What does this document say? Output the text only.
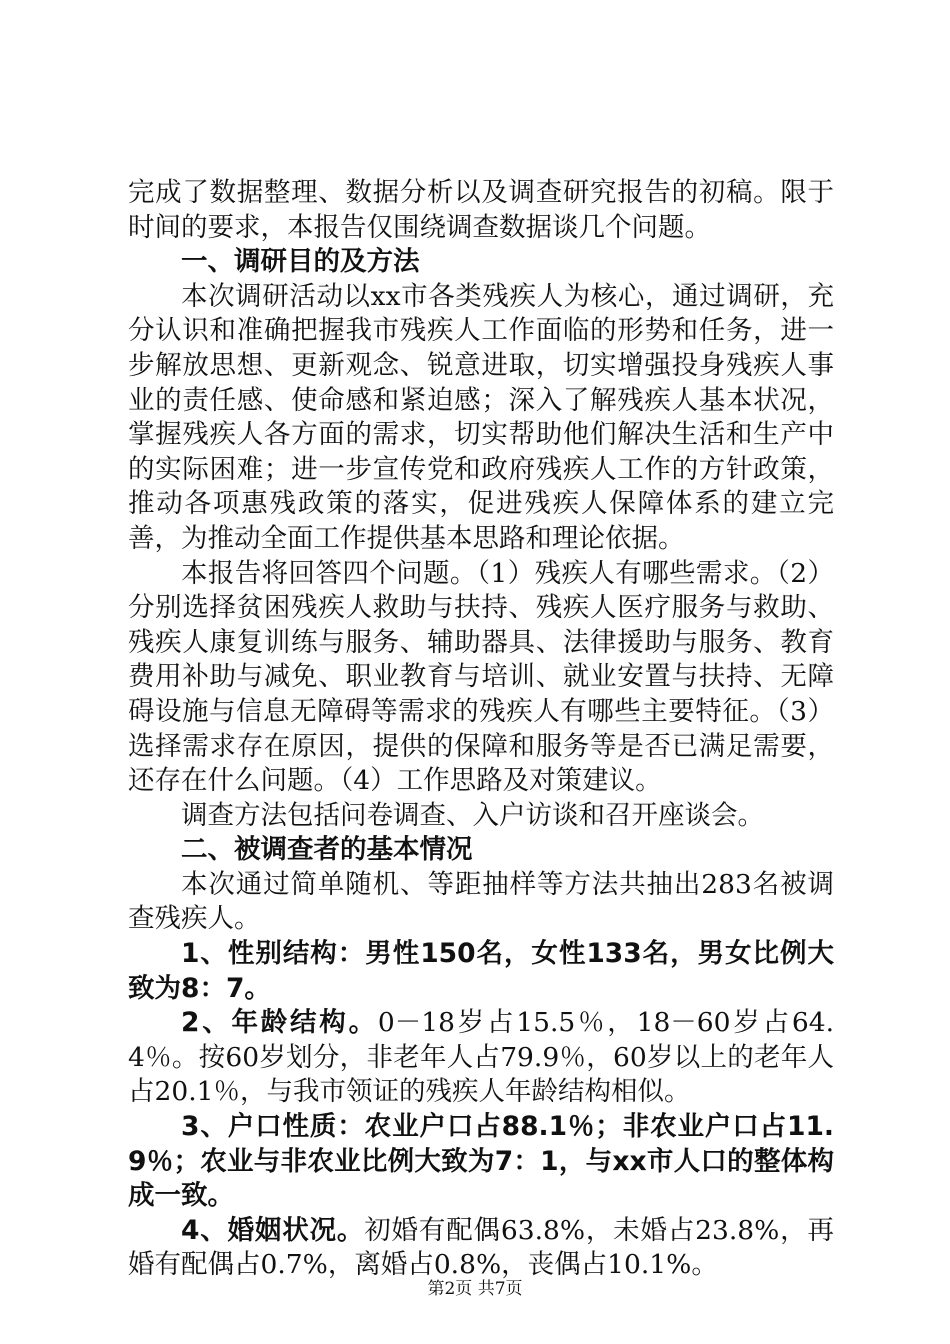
完成了数据整理、数据分析以及调查研究报告的初稿。限于时间的要求，本报告仅围绕调查数据谈几个问题。

一、调研目的及方法

本次调研活动以xx市各类残疾人为核心，通过调研，充分认识和准确把握我市残疾人工作面临的形势和任务，进一步解放思想、更新观念、锐意进取，切实增强投身残疾人事业的责任感、使命感和紧迫感；深入了解残疾人基本状况，掌握残疾人各方面的需求，切实帮助他们解决生活和生产中的实际困难；进一步宣传党和政府残疾人工作的方针政策，推动各项惠残政策的落实，促进残疾人保障体系的建立完善，为推动全面工作提供基本思路和理论依据。

本报告将回答四个问题。（1）残疾人有哪些需求。（2）分别选择贫困残疾人救助与扶持、残疾人医疗服务与救助、残疾人康复训练与服务、辅助器具、法律援助与服务、教育费用补助与减免、职业教育与培训、就业安置与扶持、无障碍设施与信息无障碍等需求的残疾人有哪些主要特征。（3）选择需求存在原因，提供的保障和服务等是否已满足需要，还存在什么问题。（4）工作思路及对策建议。

调查方法包括问卷调查、入户访谈和召开座谈会。

二、被调查者的基本情况

本次通过简单随机、等距抽样等方法共抽出283名被调查残疾人。

1、性别结构：男性150名，女性133名，男女比例大致为8：7。

2、年龄结构。0－18岁占15.5％，18－60岁占64.4％。按60岁划分，非老年人占79.9％，60岁以上的老年人占20.1％，与我市领证的残疾人年龄结构相似。

3、户口性质：农业户口占88.1％；非农业户口占11.9％；农业与非农业比例大致为7：1，与xx市人口的整体构成一致。

4、婚姻状况。初婚有配偶63.8%，未婚占23.8%，再婚有配偶占0.7%，离婚占0.8%，丧偶占10.1%。

第2页 共7页
